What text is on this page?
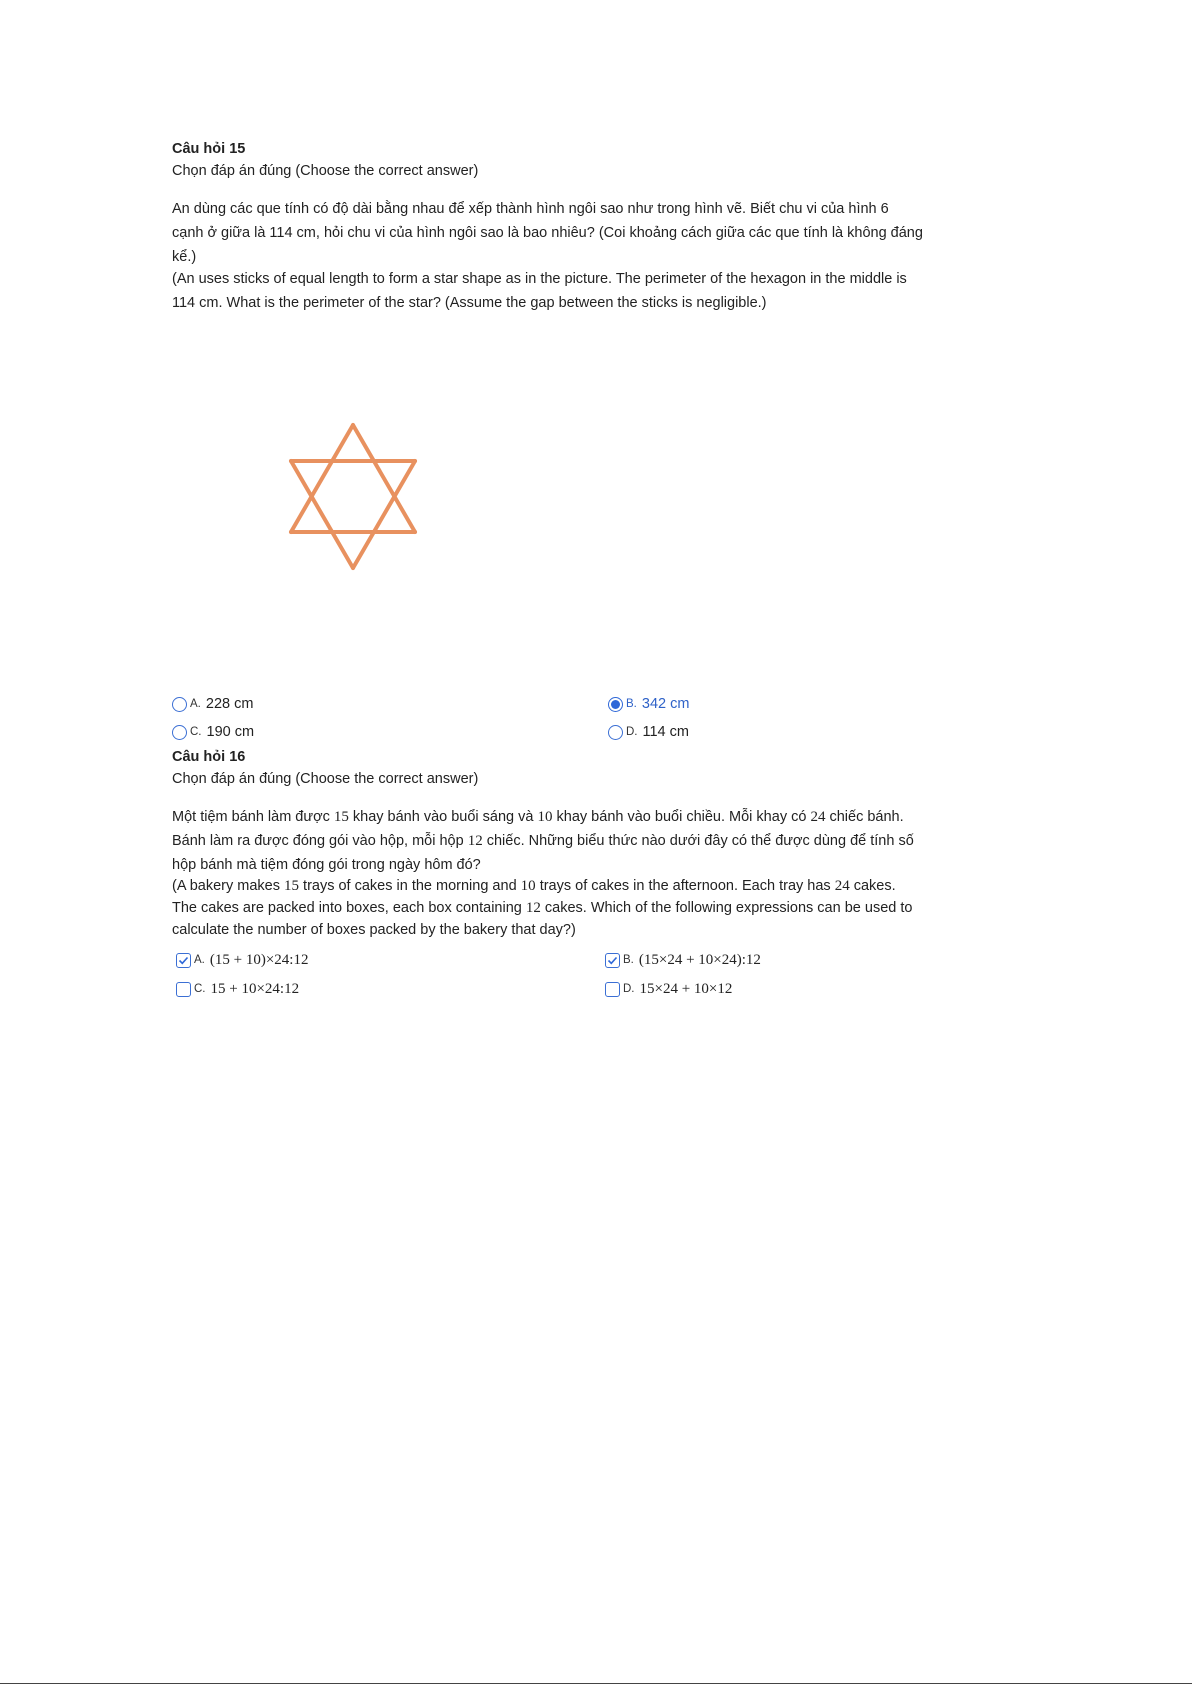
Câu hỏi 15
Chọn đáp án đúng (Choose the correct answer)
An dùng các que tính có độ dài bằng nhau để xếp thành hình ngôi sao như trong hình vẽ. Biết chu vi của hình 6
cạnh ở giữa là 114 cm, hỏi chu vi của hình ngôi sao là bao nhiêu? (Coi khoảng cách giữa các que tính là không đáng
kể.)
(An uses sticks of equal length to form a star shape as in the picture. The perimeter of the hexagon in the middle is
114 cm. What is the perimeter of the star? (Assume the gap between the sticks is negligible.)
A. 228 cm	B. 342 cm
C. 190 cm	D. 114 cm
Câu hỏi 16
Chọn đáp án đúng (Choose the correct answer)
Một tiệm bánh làm được 15 khay bánh vào buổi sáng và 10 khay bánh vào buổi chiều. Mỗi khay có 24 chiếc bánh.
Bánh làm ra được đóng gói vào hộp, mỗi hộp 12 chiếc. Những biểu thức nào dưới đây có thể được dùng để tính số
hộp bánh mà tiệm đóng gói trong ngày hôm đó?
(A bakery makes 15 trays of cakes in the morning and 10 trays of cakes in the afternoon. Each tray has 24 cakes.
The cakes are packed into boxes, each box containing 12 cakes. Which of the following expressions can be used to
calculate the number of boxes packed by the bakery that day?)
A. (15 + 10)×24:12	B. (15×24 + 10×24):12
C. 15 + 10×24:12	D. 15×24 + 10×12
